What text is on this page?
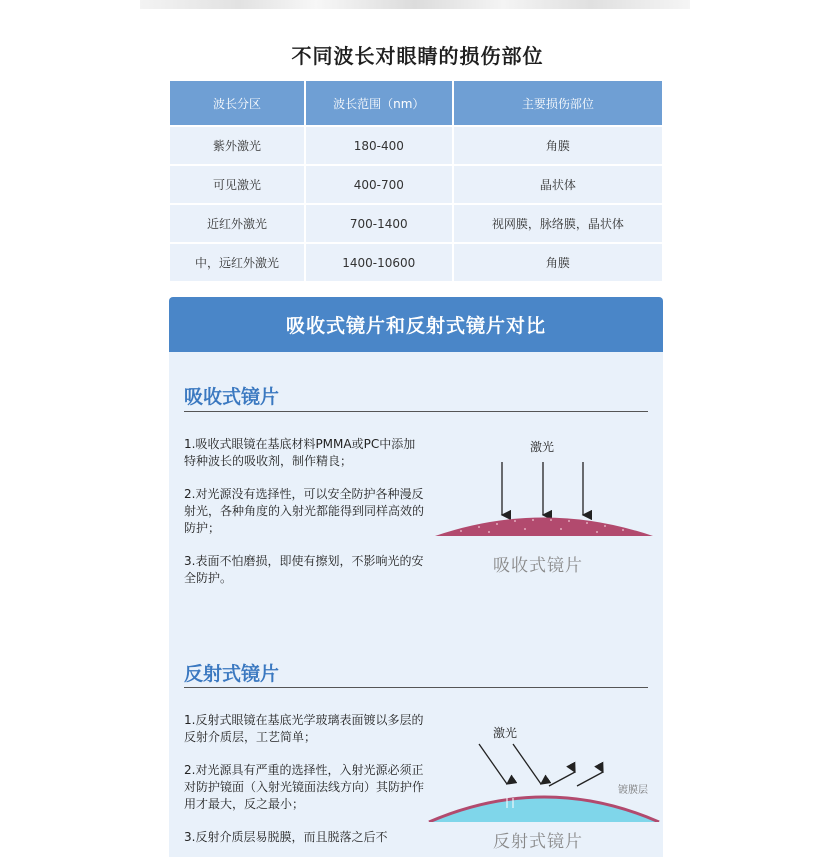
不同波长对眼睛的损伤部位
波长分区	波长范围（nm）	主要损伤部位
紫外激光	180-400	角膜
可见激光	400-700	晶状体
近红外激光	700-1400	视网膜，脉络膜，晶状体
中，远红外激光	1400-10600	角膜
吸收式镜片和反射式镜片对比
吸收式镜片

1.吸收式眼镜在基底材料PMMA或PC中添加特种波长的吸收剂，制作精良；

2.对光源没有选择性，可以安全防护各种漫反射光，各种角度的入射光都能得到同样高效的防护；

3.表面不怕磨损，即使有擦划，不影响光的安全防护。

激光
吸收式镜片
反射式镜片

1.反射式眼镜在基底光学玻璃表面镀以多层的反射介质层，工艺简单；

2.对光源具有严重的选择性，入射光源必须正对防护镜面（入射光镜面法线方向）其防护作用才最大，反之最小；

3.反射介质层易脱膜，而且脱落之后不

激光
镀膜层
反射式镜片
